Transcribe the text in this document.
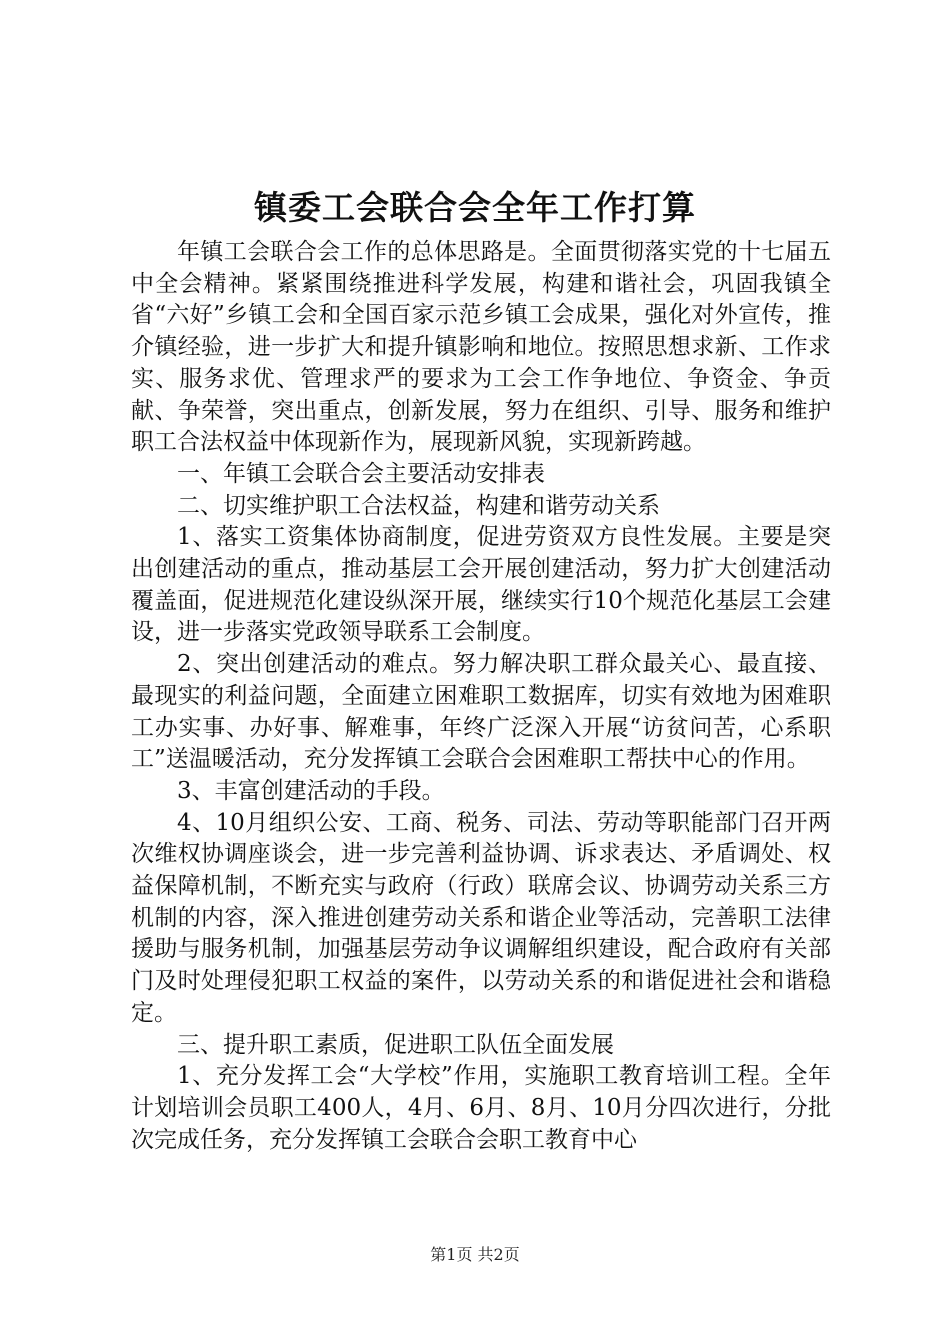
镇委工会联合会全年工作打算

年镇工会联合会工作的总体思路是。全面贯彻落实党的十七届五中全会精神。紧紧围绕推进科学发展，构建和谐社会，巩固我镇全省“六好”乡镇工会和全国百家示范乡镇工会成果，强化对外宣传，推介镇经验，进一步扩大和提升镇影响和地位。按照思想求新、工作求实、服务求优、管理求严的要求为工会工作争地位、争资金、争贡献、争荣誉，突出重点，创新发展，努力在组织、引导、服务和维护职工合法权益中体现新作为，展现新风貌，实现新跨越。

一、年镇工会联合会主要活动安排表

二、切实维护职工合法权益，构建和谐劳动关系

1、落实工资集体协商制度，促进劳资双方良性发展。主要是突出创建活动的重点，推动基层工会开展创建活动，努力扩大创建活动覆盖面，促进规范化建设纵深开展，继续实行10个规范化基层工会建设，进一步落实党政领导联系工会制度。

2、突出创建活动的难点。努力解决职工群众最关心、最直接、最现实的利益问题，全面建立困难职工数据库，切实有效地为困难职工办实事、办好事、解难事，年终广泛深入开展“访贫问苦，心系职工”送温暖活动，充分发挥镇工会联合会困难职工帮扶中心的作用。

3、丰富创建活动的手段。

4、10月组织公安、工商、税务、司法、劳动等职能部门召开两次维权协调座谈会，进一步完善利益协调、诉求表达、矛盾调处、权益保障机制，不断充实与政府（行政）联席会议、协调劳动关系三方机制的内容，深入推进创建劳动关系和谐企业等活动，完善职工法律援助与服务机制，加强基层劳动争议调解组织建设，配合政府有关部门及时处理侵犯职工权益的案件，以劳动关系的和谐促进社会和谐稳定。

三、提升职工素质，促进职工队伍全面发展

1、充分发挥工会“大学校”作用，实施职工教育培训工程。全年计划培训会员职工400人，4月、6月、8月、10月分四次进行，分批次完成任务，充分发挥镇工会联合会职工教育中心

第1页 共2页
